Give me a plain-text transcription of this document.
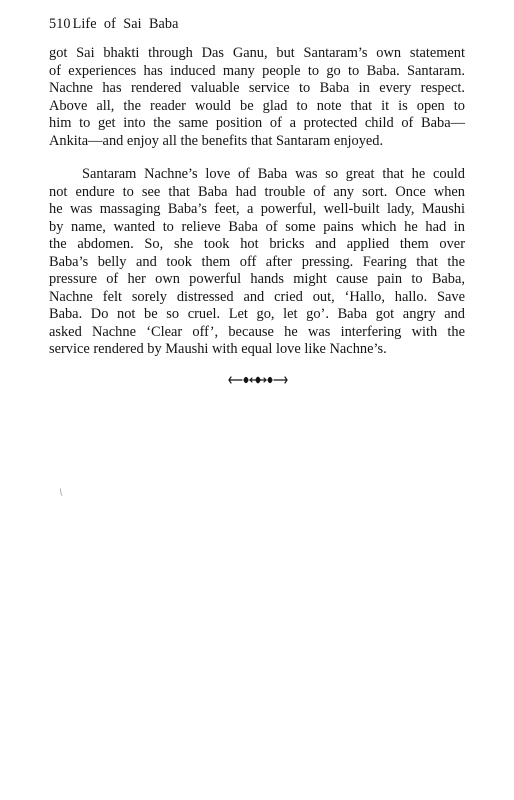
510 Life  of  Sai  Baba

got Sai bhakti through Das Ganu, but Santaram’s own statement
of experiences has induced many people to go to Baba. Santaram.
Nachne has rendered valuable service to Baba in every respect.
Above all, the reader would be glad to note that it is open to
him to get into the same position of a protected child of Baba—
Ankita—and enjoy all the benefits that Santaram enjoyed.

Santaram Nachne’s love of Baba was so great that he could
not endure to see that Baba had trouble of any sort. Once when
he was massaging Baba’s feet, a powerful, well-built lady, Maushi
by name, wanted to relieve Baba of some pains which he had in
the abdomen. So, she took hot bricks and applied them over
Baba’s belly and took them off after pressing. Fearing that the
pressure of her own powerful hands might cause pain to Baba,
Nachne felt sorely distressed and cried out, ‘Hallo, hallo. Save
Baba. Do not be so cruel. Let go, let go’. Baba got angry and
asked Nachne ‘Clear off’, because he was interfering with the
service rendered by Maushi with equal love like Nachne’s.
